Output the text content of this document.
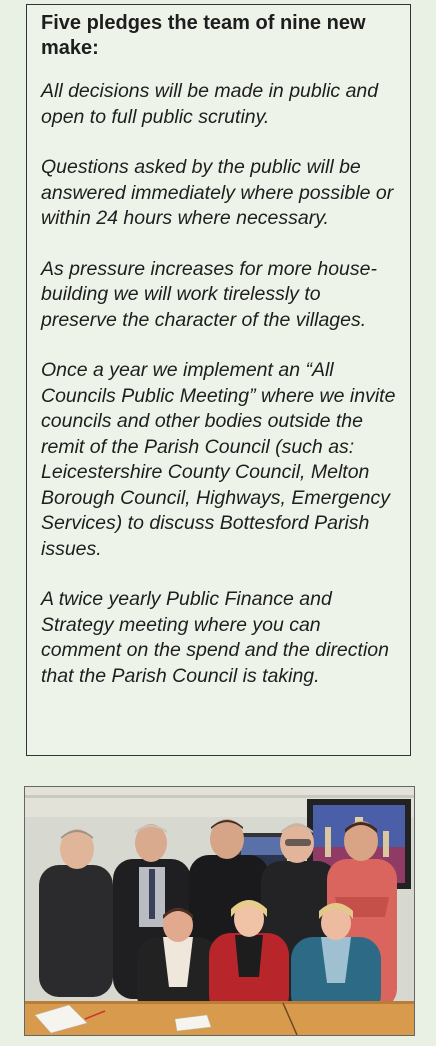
Five pledges the team of nine new make:

All decisions will be made in public and open to full public scrutiny.

Questions asked by the public will be answered immediately where possible or within 24 hours where necessary.

As pressure increases for more house-building we will work tirelessly to preserve the character of the villages.

Once a year we implement an “All Councils Public Meeting” where we invite councils and other bodies outside the remit of the Parish Council (such as: Leicestershire County Council, Melton Borough Council, Highways, Emergency Services) to discuss Bottesford Parish issues.

A twice yearly Public Finance and Strategy meeting where you can comment on the spend and the direction that the Parish Council is taking.
